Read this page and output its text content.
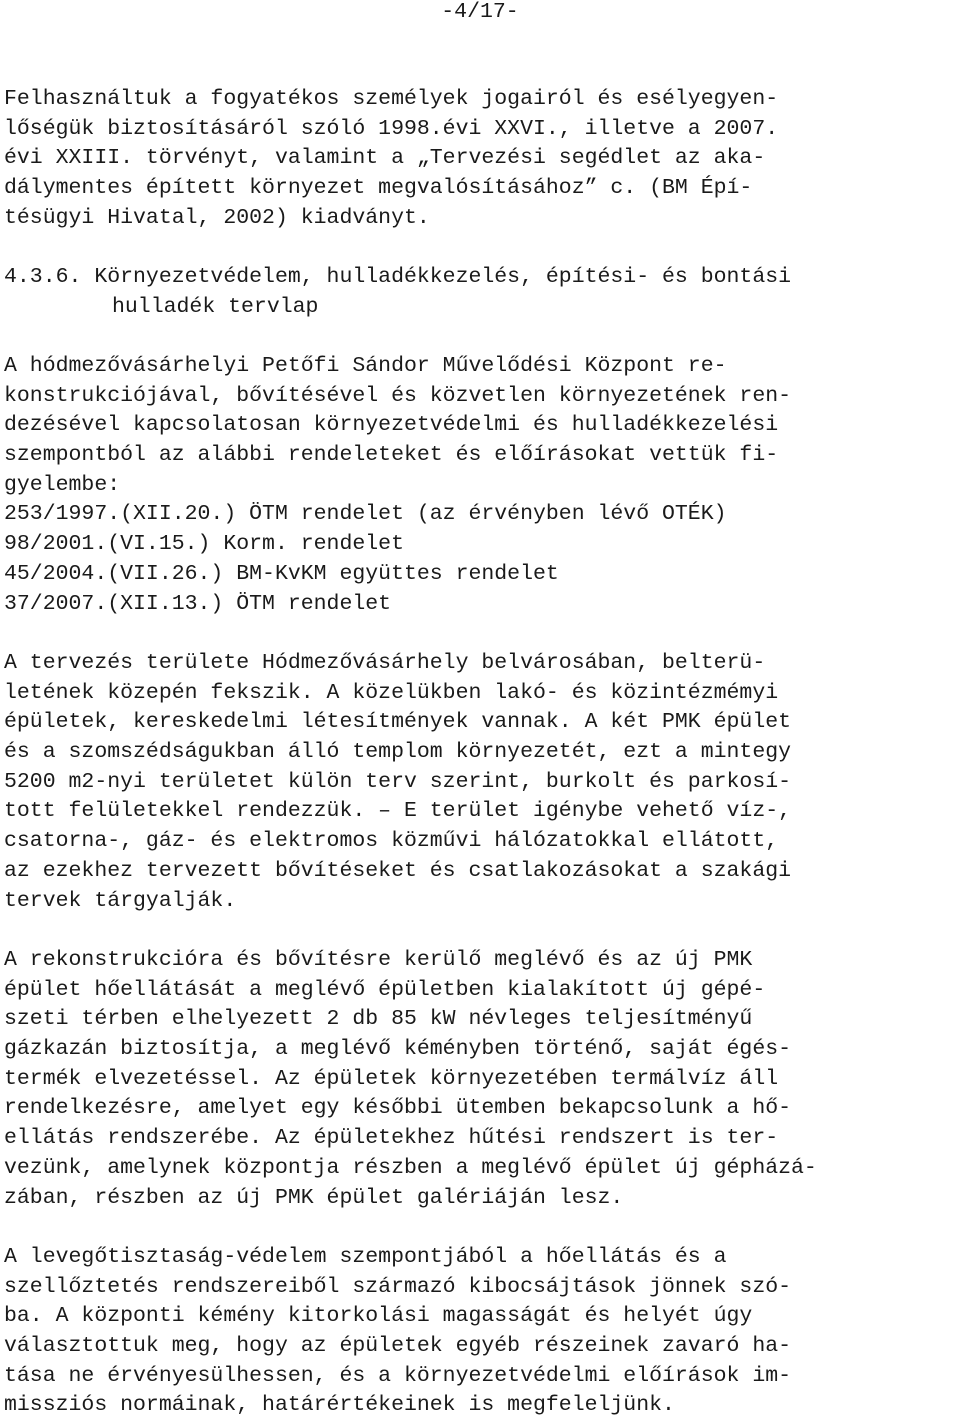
-4/17-
Felhasználtuk a fogyatékos személyek jogairól és esélyegyen-
lőségük biztosításáról szóló 1998.évi XXVI., illetve a 2007.
évi XXIII. törvényt, valamint a „Tervezési segédlet az aka-
dálymentes épített környezet megvalósításához” c. (BM Épí-
tésügyi Hivatal, 2002) kiadványt.
4.3.6. Környezetvédelem, hulladékkezelés, építési- és bontási
hulladék tervlap
A hódmezővásárhelyi Petőfi Sándor Művelődési Központ re-
konstrukciójával, bővítésével és közvetlen környezetének ren-
dezésével kapcsolatosan környezetvédelmi és hulladékkezelési
szempontból az alábbi rendeleteket és előírásokat vettük fi-
gyelembe:
253/1997.(XII.20.) ÖTM rendelet (az érvényben lévő OTÉK)
98/2001.(VI.15.) Korm. rendelet
45/2004.(VII.26.) BM-KvKM együttes rendelet
37/2007.(XII.13.) ÖTM rendelet
A tervezés területe Hódmezővásárhely belvárosában, belterü-
letének közepén fekszik. A közelükben lakó- és közintézmémyi
épületek, kereskedelmi létesítmények vannak. A két PMK épület
és a szomszédságukban álló templom környezetét, ezt a mintegy
5200 m2-nyi területet külön terv szerint, burkolt és parkosí-
tott felületekkel rendezzük. – E terület igénybe vehető víz-,
csatorna-, gáz- és elektromos közművi hálózatokkal ellátott,
az ezekhez tervezett bővítéseket és csatlakozásokat a szakági
tervek tárgyalják.
A rekonstrukcióra és bővítésre kerülő meglévő és az új PMK
épület hőellátását a meglévő épületben kialakított új gépé-
szeti térben elhelyezett 2 db 85 kW névleges teljesítményű
gázkazán biztosítja, a meglévő kéményben történő, saját égés-
termék elvezetéssel. Az épületek környezetében termálvíz áll
rendelkezésre, amelyet egy későbbi ütemben bekapcsolunk a hő-
ellátás rendszerébe. Az épületekhez hűtési rendszert is ter-
vezünk, amelynek központja részben a meglévő épület új gépházá-
zában, részben az új PMK épület galériáján lesz.
A levegőtisztaság-védelem szempontjából a hőellátás és a
szellőztetés rendszereiből származó kibocsájtások jönnek szó-
ba. A központi kémény kitorkolási magasságát és helyét úgy
választottuk meg, hogy az épületek egyéb részeinek zavaró ha-
tása ne érvényesülhessen, és a környezetvédelmi előírások im-
missziós normáinak, határértékeinek is megfeleljünk.
